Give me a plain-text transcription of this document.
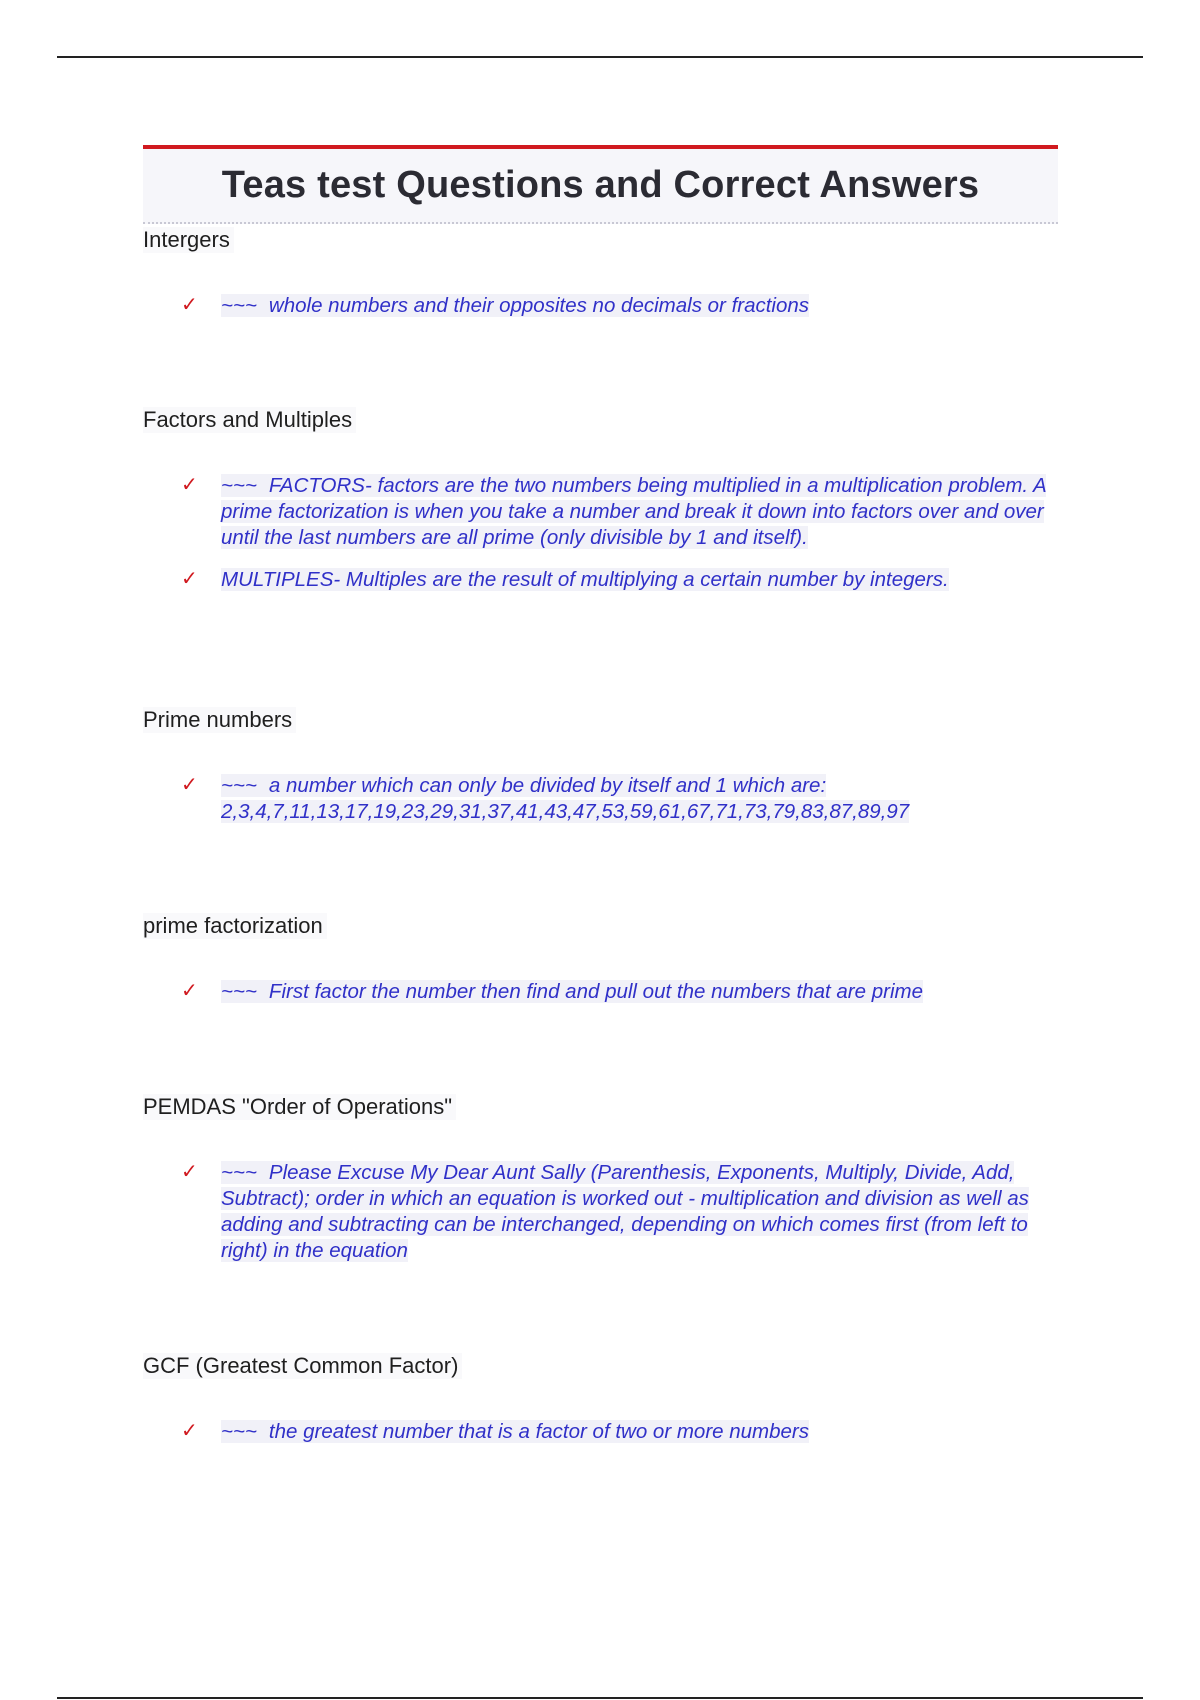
Teas test Questions and Correct Answers

Intergers

✓ ~~~ whole numbers and their opposites no decimals or fractions

Factors and Multiples

✓ ~~~ FACTORS- factors are the two numbers being multiplied in a multiplication problem. A prime factorization is when you take a number and break it down into factors over and over until the last numbers are all prime (only divisible by 1 and itself).
✓ MULTIPLES- Multiples are the result of multiplying a certain number by integers.

Prime numbers

✓ ~~~ a number which can only be divided by itself and 1 which are: 2,3,4,7,11,13,17,19,23,29,31,37,41,43,47,53,59,61,67,71,73,79,83,87,89,97

prime factorization

✓ ~~~ First factor the number then find and pull out the numbers that are prime

PEMDAS "Order of Operations"

✓ ~~~ Please Excuse My Dear Aunt Sally (Parenthesis, Exponents, Multiply, Divide, Add, Subtract); order in which an equation is worked out - multiplication and division as well as adding and subtracting can be interchanged, depending on which comes first (from left to right) in the equation

GCF (Greatest Common Factor)

✓ ~~~ the greatest number that is a factor of two or more numbers
